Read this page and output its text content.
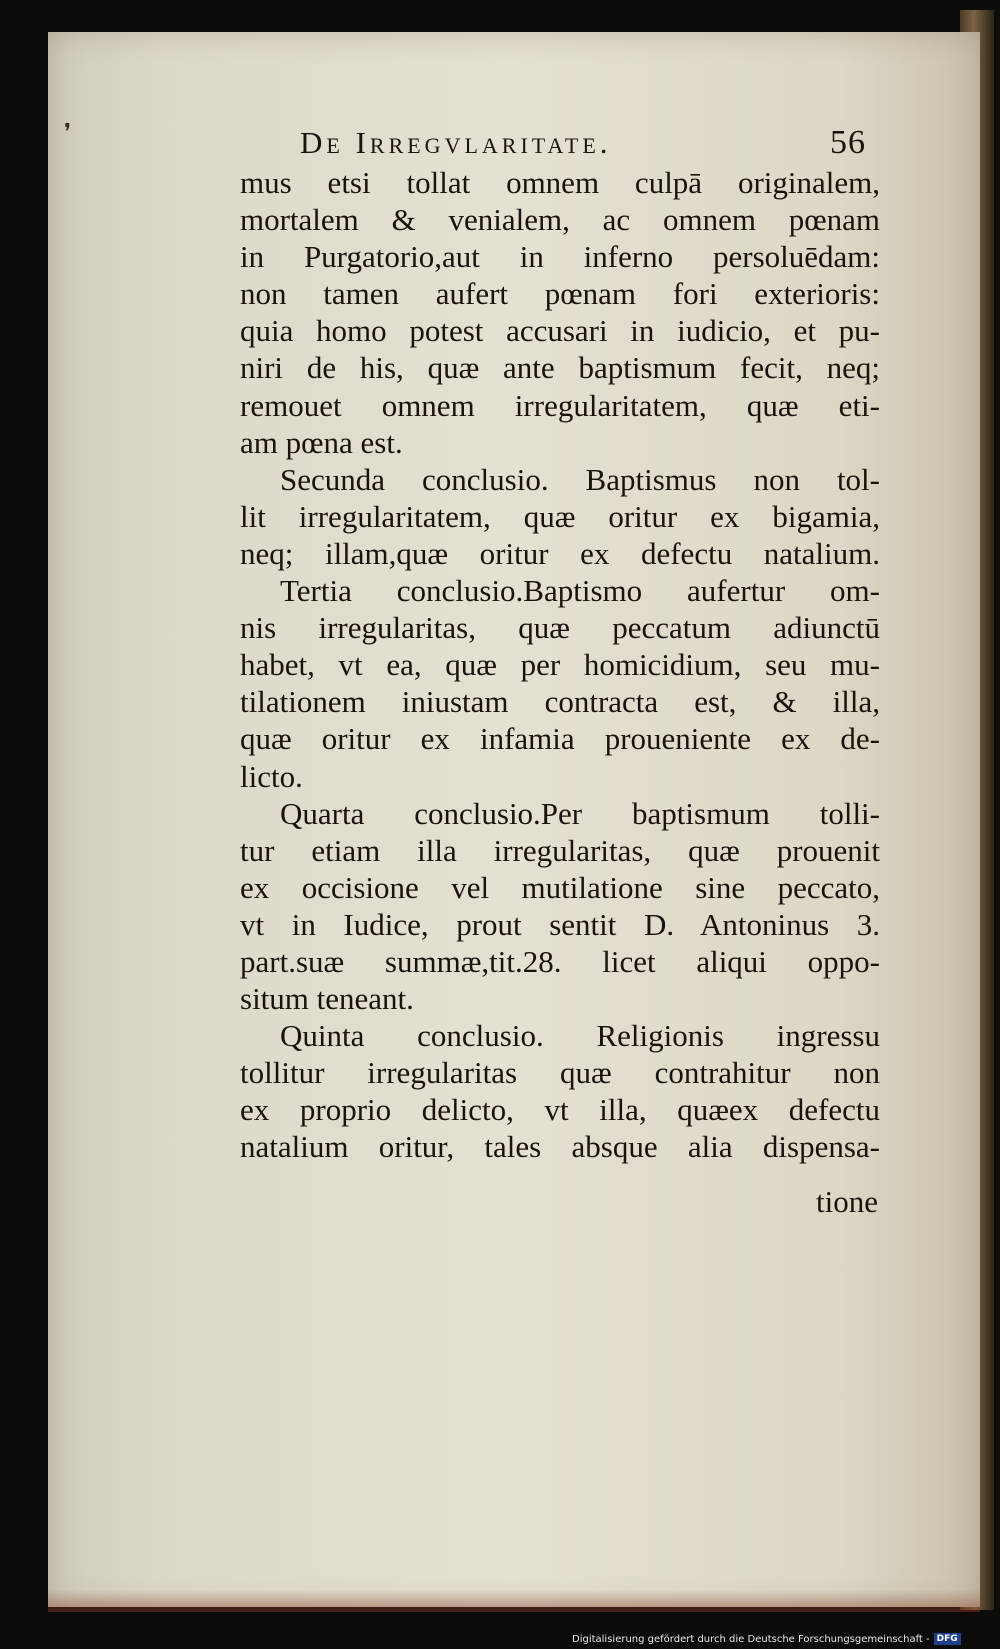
❜	De Irregvlaritate.	56
mus etsi tollat omnem culpā originalem,
mortalem & venialem, ac omnem pœnam
in Purgatorio,aut in inferno persoluēdam:
non tamen aufert pœnam fori exterioris:
quia homo potest accusari in iudicio, et pu-
niri de his, quæ ante baptismum fecit, neq;
remouet omnem irregularitatem, quæ eti-
am pœna est.
Secunda conclusio. Baptismus non tol-
lit irregularitatem, quæ oritur ex bigamia,
neq; illam,quæ oritur ex defectu natalium.
Tertia conclusio.Baptismo aufertur om-
nis irregularitas, quæ peccatum adiunctū
habet, vt ea, quæ per homicidium, seu mu-
tilationem iniustam contracta est, & illa,
quæ oritur ex infamia proueniente ex de-
licto.
Quarta conclusio.Per baptismum tolli-
tur etiam illa irregularitas, quæ prouenit
ex occisione vel mutilatione sine peccato,
vt in Iudice, prout sentit D. Antoninus 3.
part.suæ summæ,tit.28. licet aliqui oppo-
situm teneant.
Quinta conclusio. Religionis ingressu
tollitur irregularitas quæ contrahitur non
ex proprio delicto, vt illa, quæex defectu
natalium oritur, tales absque alia dispensa-
tione
Digitalisierung gefördert durch die Deutsche Forschungsgemeinschaft - DFG
